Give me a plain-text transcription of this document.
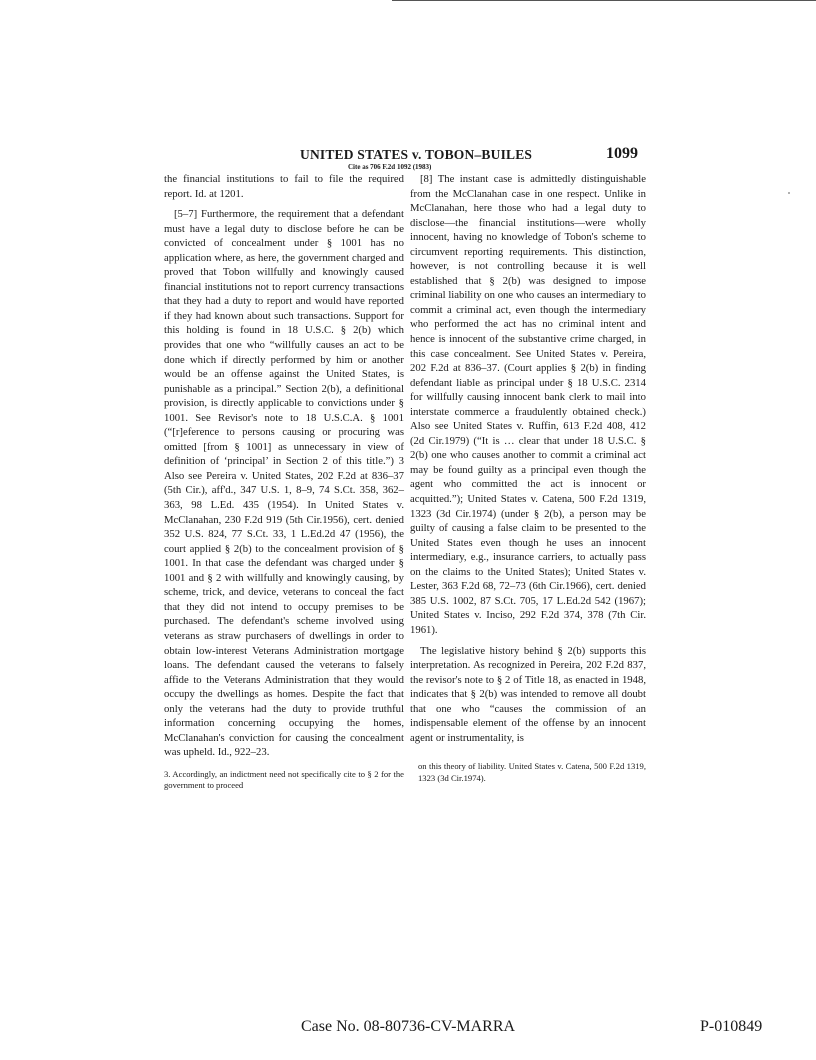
UNITED STATES v. TOBON–BUILES	1099
Cite as 706 F.2d 1092 (1983)

the financial institutions to fail to file the required report. Id. at 1201.

[5–7] Furthermore, the requirement that a defendant must have a legal duty to disclose before he can be convicted of concealment under § 1001 has no application where, as here, the government charged and proved that Tobon willfully and knowingly caused financial institutions not to report currency transactions that they had a duty to report and would have reported if they had known about such transactions. Support for this holding is found in 18 U.S.C. § 2(b) which provides that one who “willfully causes an act to be done which if directly performed by him or another would be an offense against the United States, is punishable as a principal.” Section 2(b), a definitional provision, is directly applicable to convictions under § 1001. See Revisor's note to 18 U.S.C.A. § 1001 (“[r]eference to persons causing or procuring was omitted [from § 1001] as unnecessary in view of definition of ‘principal’ in Section 2 of this title.”) 3 Also see Pereira v. United States, 202 F.2d at 836–37 (5th Cir.), aff'd., 347 U.S. 1, 8–9, 74 S.Ct. 358, 362–363, 98 L.Ed. 435 (1954). In United States v. McClanahan, 230 F.2d 919 (5th Cir.1956), cert. denied 352 U.S. 824, 77 S.Ct. 33, 1 L.Ed.2d 47 (1956), the court applied § 2(b) to the concealment provision of § 1001. In that case the defendant was charged under § 1001 and § 2 with willfully and knowingly causing, by scheme, trick, and device, veterans to conceal the fact that they did not intend to occupy premises to be purchased. The defendant's scheme involved using veterans as straw purchasers of dwellings in order to obtain low-interest Veterans Administration mortgage loans. The defendant caused the veterans to falsely affide to the Veterans Administration that they would occupy the dwellings as homes. Despite the fact that only the veterans had the duty to provide truthful information concerning occupying the homes, McClanahan's conviction for causing the concealment was upheld. Id., 922–23.

3. Accordingly, an indictment need not specifically cite to § 2 for the government to proceed

[8] The instant case is admittedly distinguishable from the McClanahan case in one respect. Unlike in McClanahan, here those who had a legal duty to disclose—the financial institutions—were wholly innocent, having no knowledge of Tobon's scheme to circumvent reporting requirements. This distinction, however, is not controlling because it is well established that § 2(b) was designed to impose criminal liability on one who causes an intermediary to commit a criminal act, even though the intermediary who performed the act has no criminal intent and hence is innocent of the substantive crime charged, in this case concealment. See United States v. Pereira, 202 F.2d at 836–37. (Court applies § 2(b) in finding defendant liable as principal under § 18 U.S.C. 2314 for willfully causing innocent bank clerk to mail into interstate commerce a fraudulently obtained check.) Also see United States v. Ruffin, 613 F.2d 408, 412 (2d Cir.1979) (“It is … clear that under 18 U.S.C. § 2(b) one who causes another to commit a criminal act may be found guilty as a principal even though the agent who committed the act is innocent or acquitted.”); United States v. Catena, 500 F.2d 1319, 1323 (3d Cir.1974) (under § 2(b), a person may be guilty of causing a false claim to be presented to the United States even though he uses an innocent intermediary, e.g., insurance carriers, to actually pass on the claims to the United States); United States v. Lester, 363 F.2d 68, 72–73 (6th Cir.1966), cert. denied 385 U.S. 1002, 87 S.Ct. 705, 17 L.Ed.2d 542 (1967); United States v. Inciso, 292 F.2d 374, 378 (7th Cir. 1961).

The legislative history behind § 2(b) supports this interpretation. As recognized in Pereira, 202 F.2d 837, the revisor's note to § 2 of Title 18, as enacted in 1948, indicates that § 2(b) was intended to remove all doubt that one who “causes the commission of an indispensable element of the offense by an innocent agent or instrumentality, is

on this theory of liability. United States v. Catena, 500 F.2d 1319, 1323 (3d Cir.1974).
Case No. 08-80736-CV-MARRA	P-010849
